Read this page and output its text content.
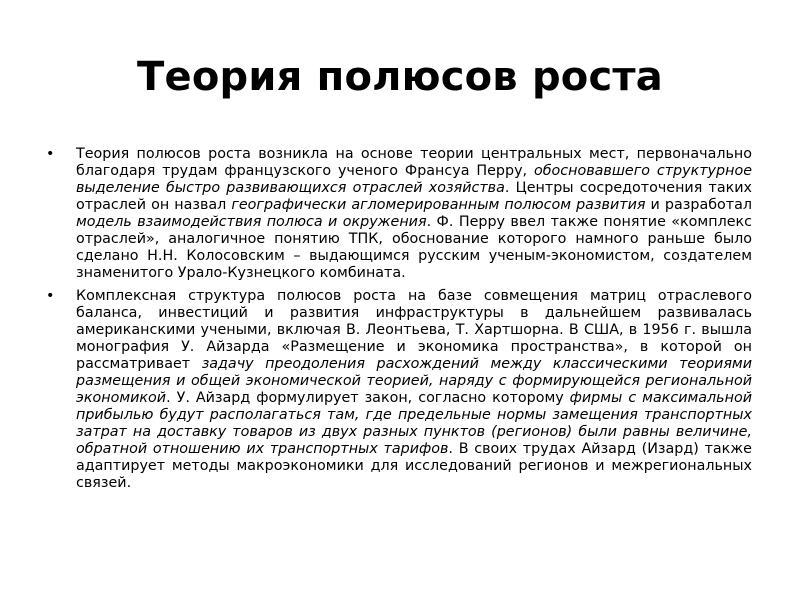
Теория полюсов роста
• Теория полюсов роста возникла на основе теории центральных мест, первоначально благодаря трудам французского ученого Франсуа Перру, обосновавшего структурное выделение быстро развивающихся отраслей хозяйства. Центры сосредоточения таких отраслей он назвал географически агломерированным полюсом развития и разработал модель взаимодействия полюса и окружения. Ф. Перру ввел также понятие «комплекс отраслей», аналогичное понятию ТПК, обоснование которого намного раньше было сделано Н.Н. Колосовским – выдающимся русским ученым-экономистом, создателем знаменитого Урало-Кузнецкого комбината.
• Комплексная структура полюсов роста на базе совмещения матриц отраслевого баланса, инвестиций и развития инфраструктуры в дальнейшем развивалась американскими учеными, включая В. Леонтьева, Т. Хартшорна. В США, в 1956 г. вышла монография У. Айзарда «Размещение и экономика пространства», в которой он рассматривает задачу преодоления расхождений между классическими теориями размещения и общей экономической теорией, наряду с формирующейся региональной экономикой. У. Айзард формулирует закон, согласно которому фирмы с максимальной прибылью будут располагаться там, где предельные нормы замещения транспортных затрат на доставку товаров из двух разных пунктов (регионов) были равны величине, обратной отношению их транспортных тарифов. В своих трудах Айзард (Изард) также адаптирует методы макроэкономики для исследований регионов и межрегиональных связей.
